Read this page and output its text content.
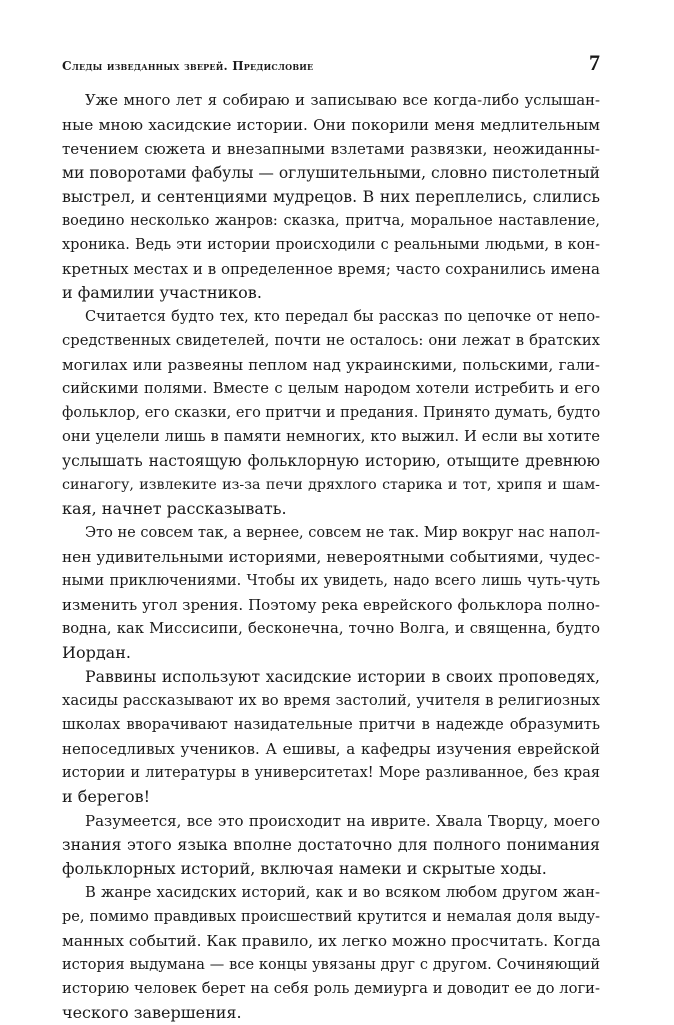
Следы изведанных зверей. Предисловие	7
Уже много лет я собираю и записываю все когда-либо услышан-
ные мною хасидские истории. Они покорили меня медлительным
течением сюжета и внезапными взлетами развязки, неожиданны-
ми поворотами фабулы — оглушительными, словно пистолетный
выстрел, и сентенциями мудрецов. В них переплелись, слились
воедино несколько жанров: сказка, притча, моральное наставление,
хроника. Ведь эти истории происходили с реальными людьми, в кон-
кретных местах и в определенное время; часто сохранились имена
и фамилии участников.
Считается будто тех, кто передал бы рассказ по цепочке от непо-
средственных свидетелей, почти не осталось: они лежат в братских
могилах или развеяны пеплом над украинскими, польскими, гали-
сийскими полями. Вместе с целым народом хотели истребить и его
фольклор, его сказки, его притчи и предания. Принято думать, будто
они уцелели лишь в памяти немногих, кто выжил. И если вы хотите
услышать настоящую фольклорную историю, отыщите древнюю
синагогу, извлеките из-за печи дряхлого старика и тот, хрипя и шам-
кая, начнет рассказывать.
Это не совсем так, а вернее, совсем не так. Мир вокруг нас напол-
нен удивительными историями, невероятными событиями, чудес-
ными приключениями. Чтобы их увидеть, надо всего лишь чуть-чуть
изменить угол зрения. Поэтому река еврейского фольклора полно-
водна, как Миссисипи, бесконечна, точно Волга, и священна, будто
Иордан.
Раввины используют хасидские истории в своих проповедях,
хасиды рассказывают их во время застолий, учителя в религиозных
школах вворачивают назидательные притчи в надежде образумить
непоседливых учеников. А ешивы, а кафедры изучения еврейской
истории и литературы в университетах! Море разливанное, без края
и берегов!
Разумеется, все это происходит на иврите. Хвала Творцу, моего
знания этого языка вполне достаточно для полного понимания
фольклорных историй, включая намеки и скрытые ходы.
В жанре хасидских историй, как и во всяком любом другом жан-
ре, помимо правдивых происшествий крутится и немалая доля выду-
манных событий. Как правило, их легко можно просчитать. Когда
история выдумана — все концы увязаны друг с другом. Сочиняющий
историю человек берет на себя роль демиурга и доводит ее до логи-
ческого завершения.
